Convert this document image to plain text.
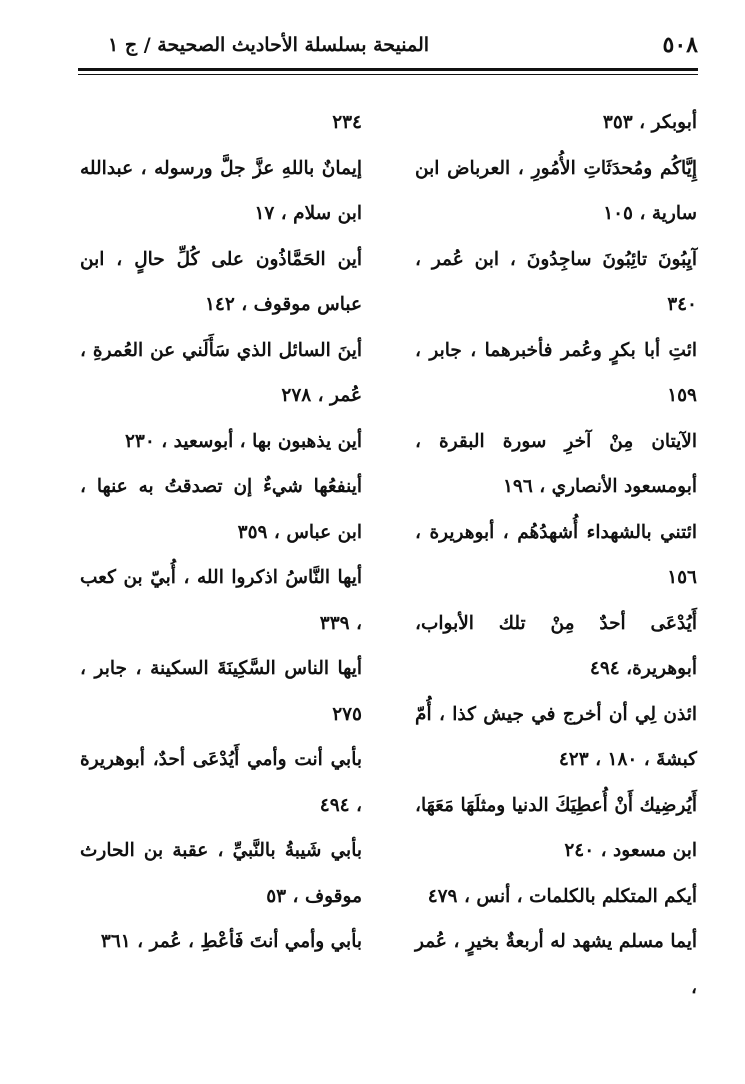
٥٠٨
المنيحة بسلسلة الأحاديث الصحيحة / ج ١

أبوبكر ، ٣٥٣

إِيَّاكُم ومُحدَثَاتِ الأُمُورِ ، العرباض ابن سارية ، ١٠٥

آيِبُونَ تائِبُونَ ساجِدُونَ ، ابن عُمر ، ٣٤٠

ائتِ أبا بكرٍ وعُمر فأخبرهما ، جابر ، ١٥٩

الآيتان مِنْ آخرِ سورة البقرة ، أبومسعود الأنصاري ، ١٩٦

ائتني بالشهداء أُشهدُهُم ، أبوهريرة ، ١٥٦

أَيُدْعَى أحدٌ مِنْ تلك الأبواب، أبوهريرة، ٤٩٤

ائذن لِي أن أخرج في جيش كذا ، أُمّ كبشةَ ، ١٨٠ ، ٤٢٣

أَيُرضِيك أَنْ أُعطِيَكَ الدنيا ومثلَهَا مَعَهَا، ابن مسعود ، ٢٤٠

أيكم المتكلم بالكلمات ، أنس ، ٤٧٩

أيما مسلم يشهد له أربعةٌ بخيرٍ ، عُمر ،

٢٣٤

إيمانٌ باللهِ عزَّ جلَّ ورسوله ، عبدالله ابن سلام ، ١٧

أين الحَمَّاذُون على كُلِّ حالٍ ، ابن عباس موقوف ، ١٤٢

أينَ السائل الذي سَأَلَني عن العُمرةِ ، عُمر ، ٢٧٨

أين يذهبون بها ، أبوسعيد ، ٢٣٠

أينفعُها شيءٌ إن تصدقتُ به عنها ، ابن عباس ، ٣٥٩

أيها النَّاسُ اذكروا الله ، أُبيّ بن كعب ، ٣٣٩

أيها الناس السَّكِينَةَ السكينة ، جابر ، ٢٧٥

بأبي أنت وأمي أَيُدْعَى أحدٌ، أبوهريرة ، ٤٩٤

بأبي شَيبةُ بالنَّبيِّ ، عقبة بن الحارث موقوف ، ٥٣

بأبي وأمي أنتَ فَأعْطِ ، عُمر ، ٣٦١
